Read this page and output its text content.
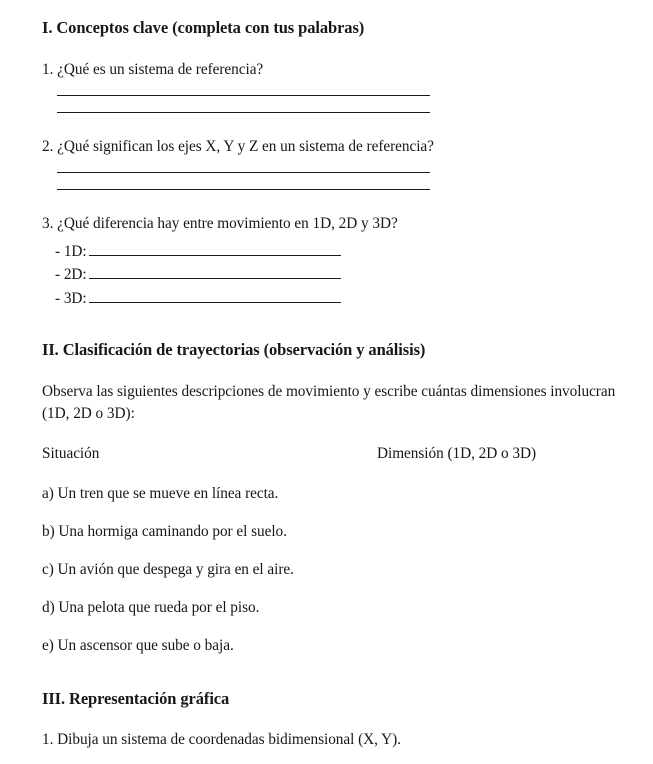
I. Conceptos clave (completa con tus palabras)
1. ¿Qué es un sistema de referencia?
2. ¿Qué significan los ejes X, Y y Z en un sistema de referencia?
3. ¿Qué diferencia hay entre movimiento en 1D, 2D y 3D?
- 1D:
- 2D:
- 3D:
II. Clasificación de trayectorias (observación y análisis)
Observa las siguientes descripciones de movimiento y escribe cuántas dimensiones involucran (1D, 2D o 3D):
Situación	Dimensión (1D, 2D o 3D)
a) Un tren que se mueve en línea recta.
b) Una hormiga caminando por el suelo.
c) Un avión que despega y gira en el aire.
d) Una pelota que rueda por el piso.
e) Un ascensor que sube o baja.
III. Representación gráfica
1. Dibuja un sistema de coordenadas bidimensional (X, Y).
